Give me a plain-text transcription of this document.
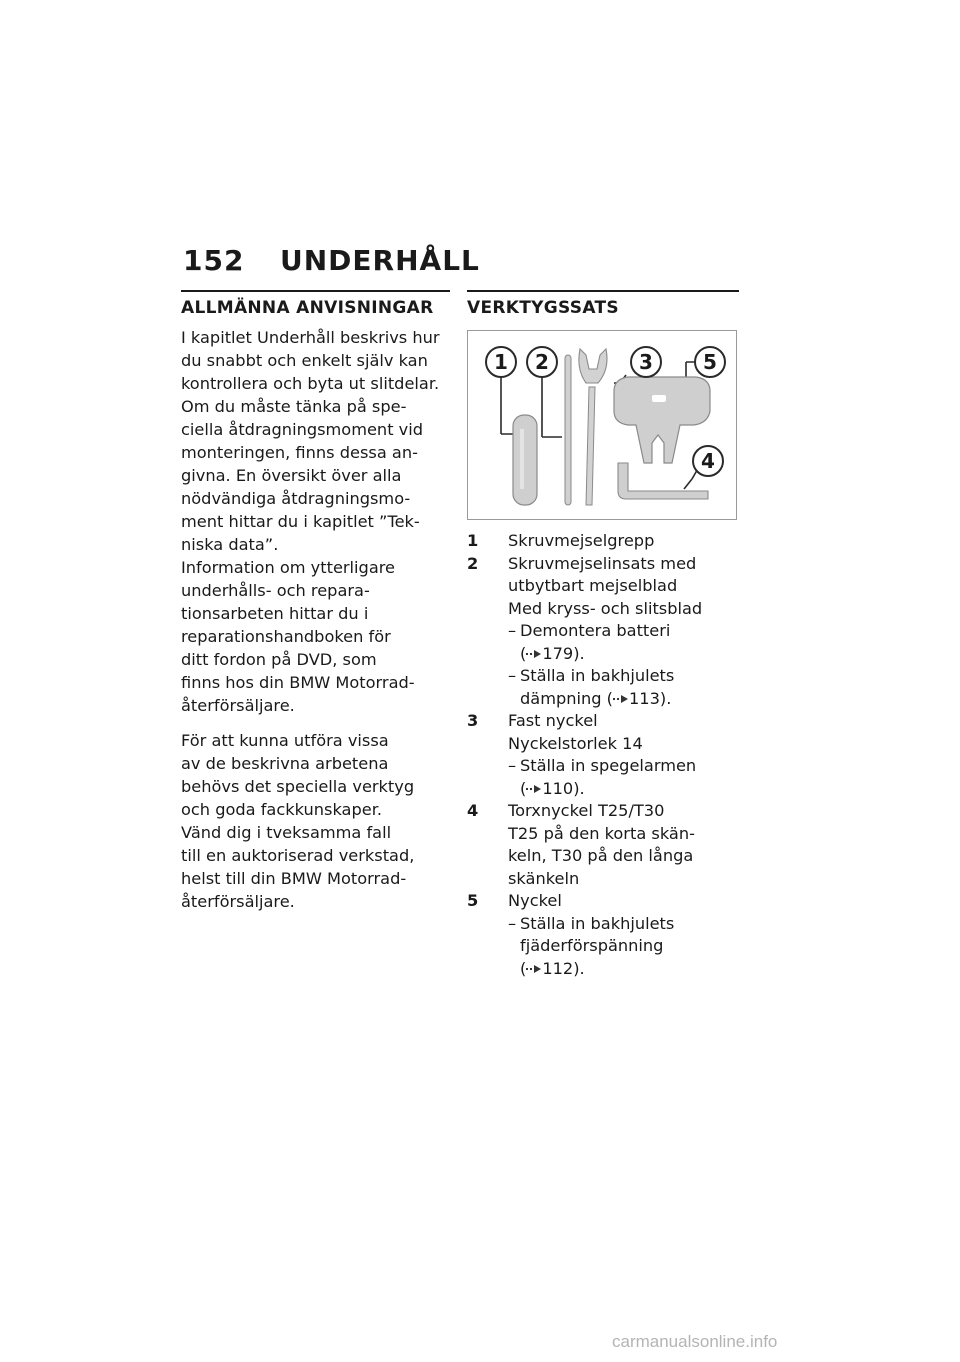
152 UNDERHÅLL
ALLMÄNNA ANVISNINGAR

I kapitlet Underhåll beskrivs hur
du snabbt och enkelt själv kan
kontrollera och byta ut slitdelar.
Om du måste tänka på spe-
ciella åtdragningsmoment vid
monteringen, finns dessa an-
givna. En översikt över alla
nödvändiga åtdragningsmo-
ment hittar du i kapitlet ”Tek-
niska data”.

Information om ytterligare
underhålls- och repara-
tionsarbeten hittar du i
reparationshandboken för
ditt fordon på DVD, som
finns hos din BMW Motorrad-
återförsäljare.

För att kunna utföra vissa
av de beskrivna arbetena
behövs det speciella verktyg
och goda fackkunskaper.
Vänd dig i tveksamma fall
till en auktoriserad verkstad,
helst till din BMW Motorrad-
återförsäljare.

VERKTYGSSATS
1 2	3
4
5
1	Skruvmejselgrepp
2	Skruvmejselinsats med
utbytbart mejselblad
Med kryss- och slitsblad
– Demontera batteri
( 179).
– Ställa in bakhjulets
dämpning ( 113).
3	Fast nyckel
Nyckelstorlek 14
– Ställa in spegelarmen
( 110).
4	Torxnyckel T25/T30
T25 på den korta skän-
keln, T30 på den långa
skänkeln
5	Nyckel
– Ställa in bakhjulets
fjäderförspänning
( 112).
carmanualsonline.info
